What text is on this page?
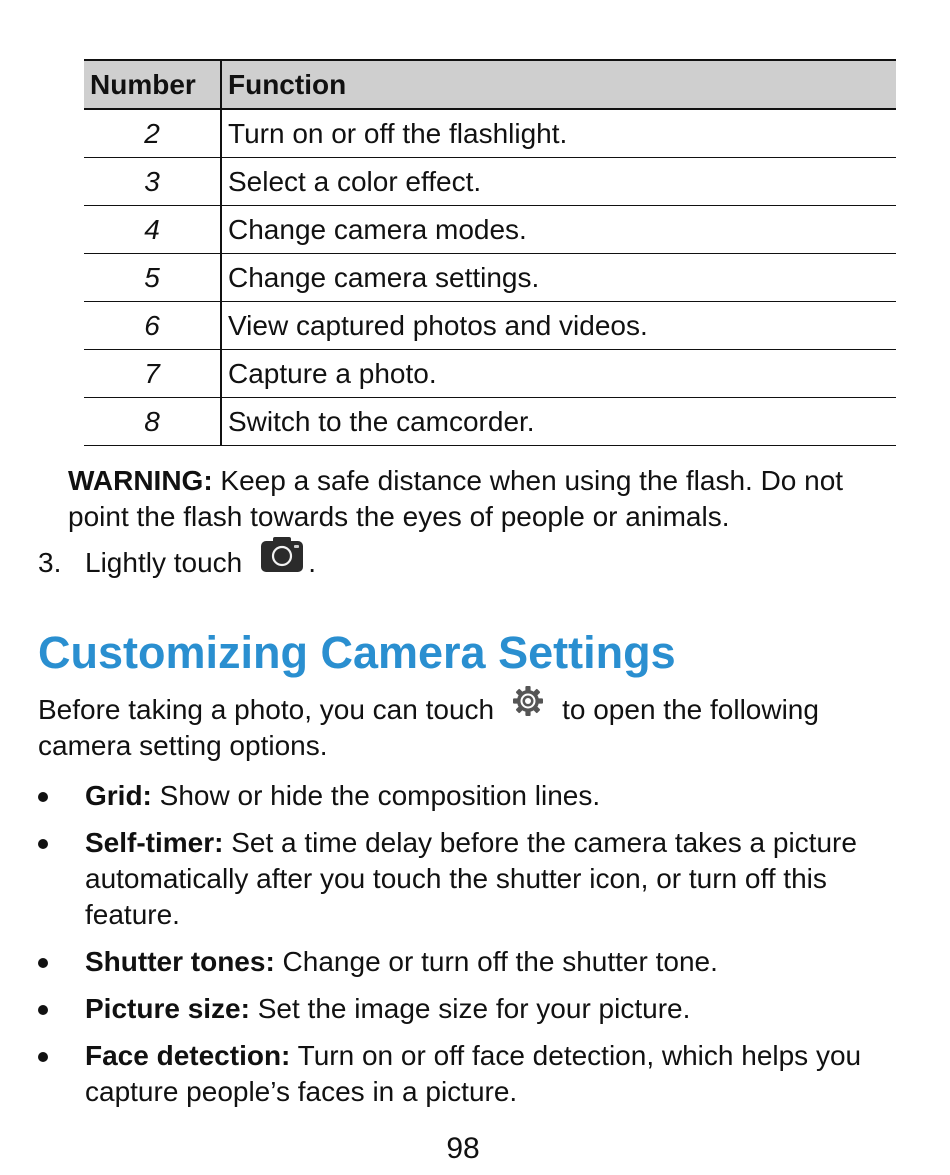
Number	Function
2	Turn on or off the flashlight.
3	Select a color effect.
4	Change camera modes.
5	Change camera settings.
6	View captured photos and videos.
7	Capture a photo.
8	Switch to the camcorder.
WARNING: Keep a safe distance when using the flash. Do not point the flash towards the eyes of people or animals.
3. Lightly touch .
Customizing Camera Settings
Before taking a photo, you can touch to open the following camera setting options.
Grid: Show or hide the composition lines.
Self-timer: Set a time delay before the camera takes a picture automatically after you touch the shutter icon, or turn off this feature.
Shutter tones: Change or turn off the shutter tone.
Picture size: Set the image size for your picture.
Face detection: Turn on or off face detection, which helps you capture people’s faces in a picture.
98
